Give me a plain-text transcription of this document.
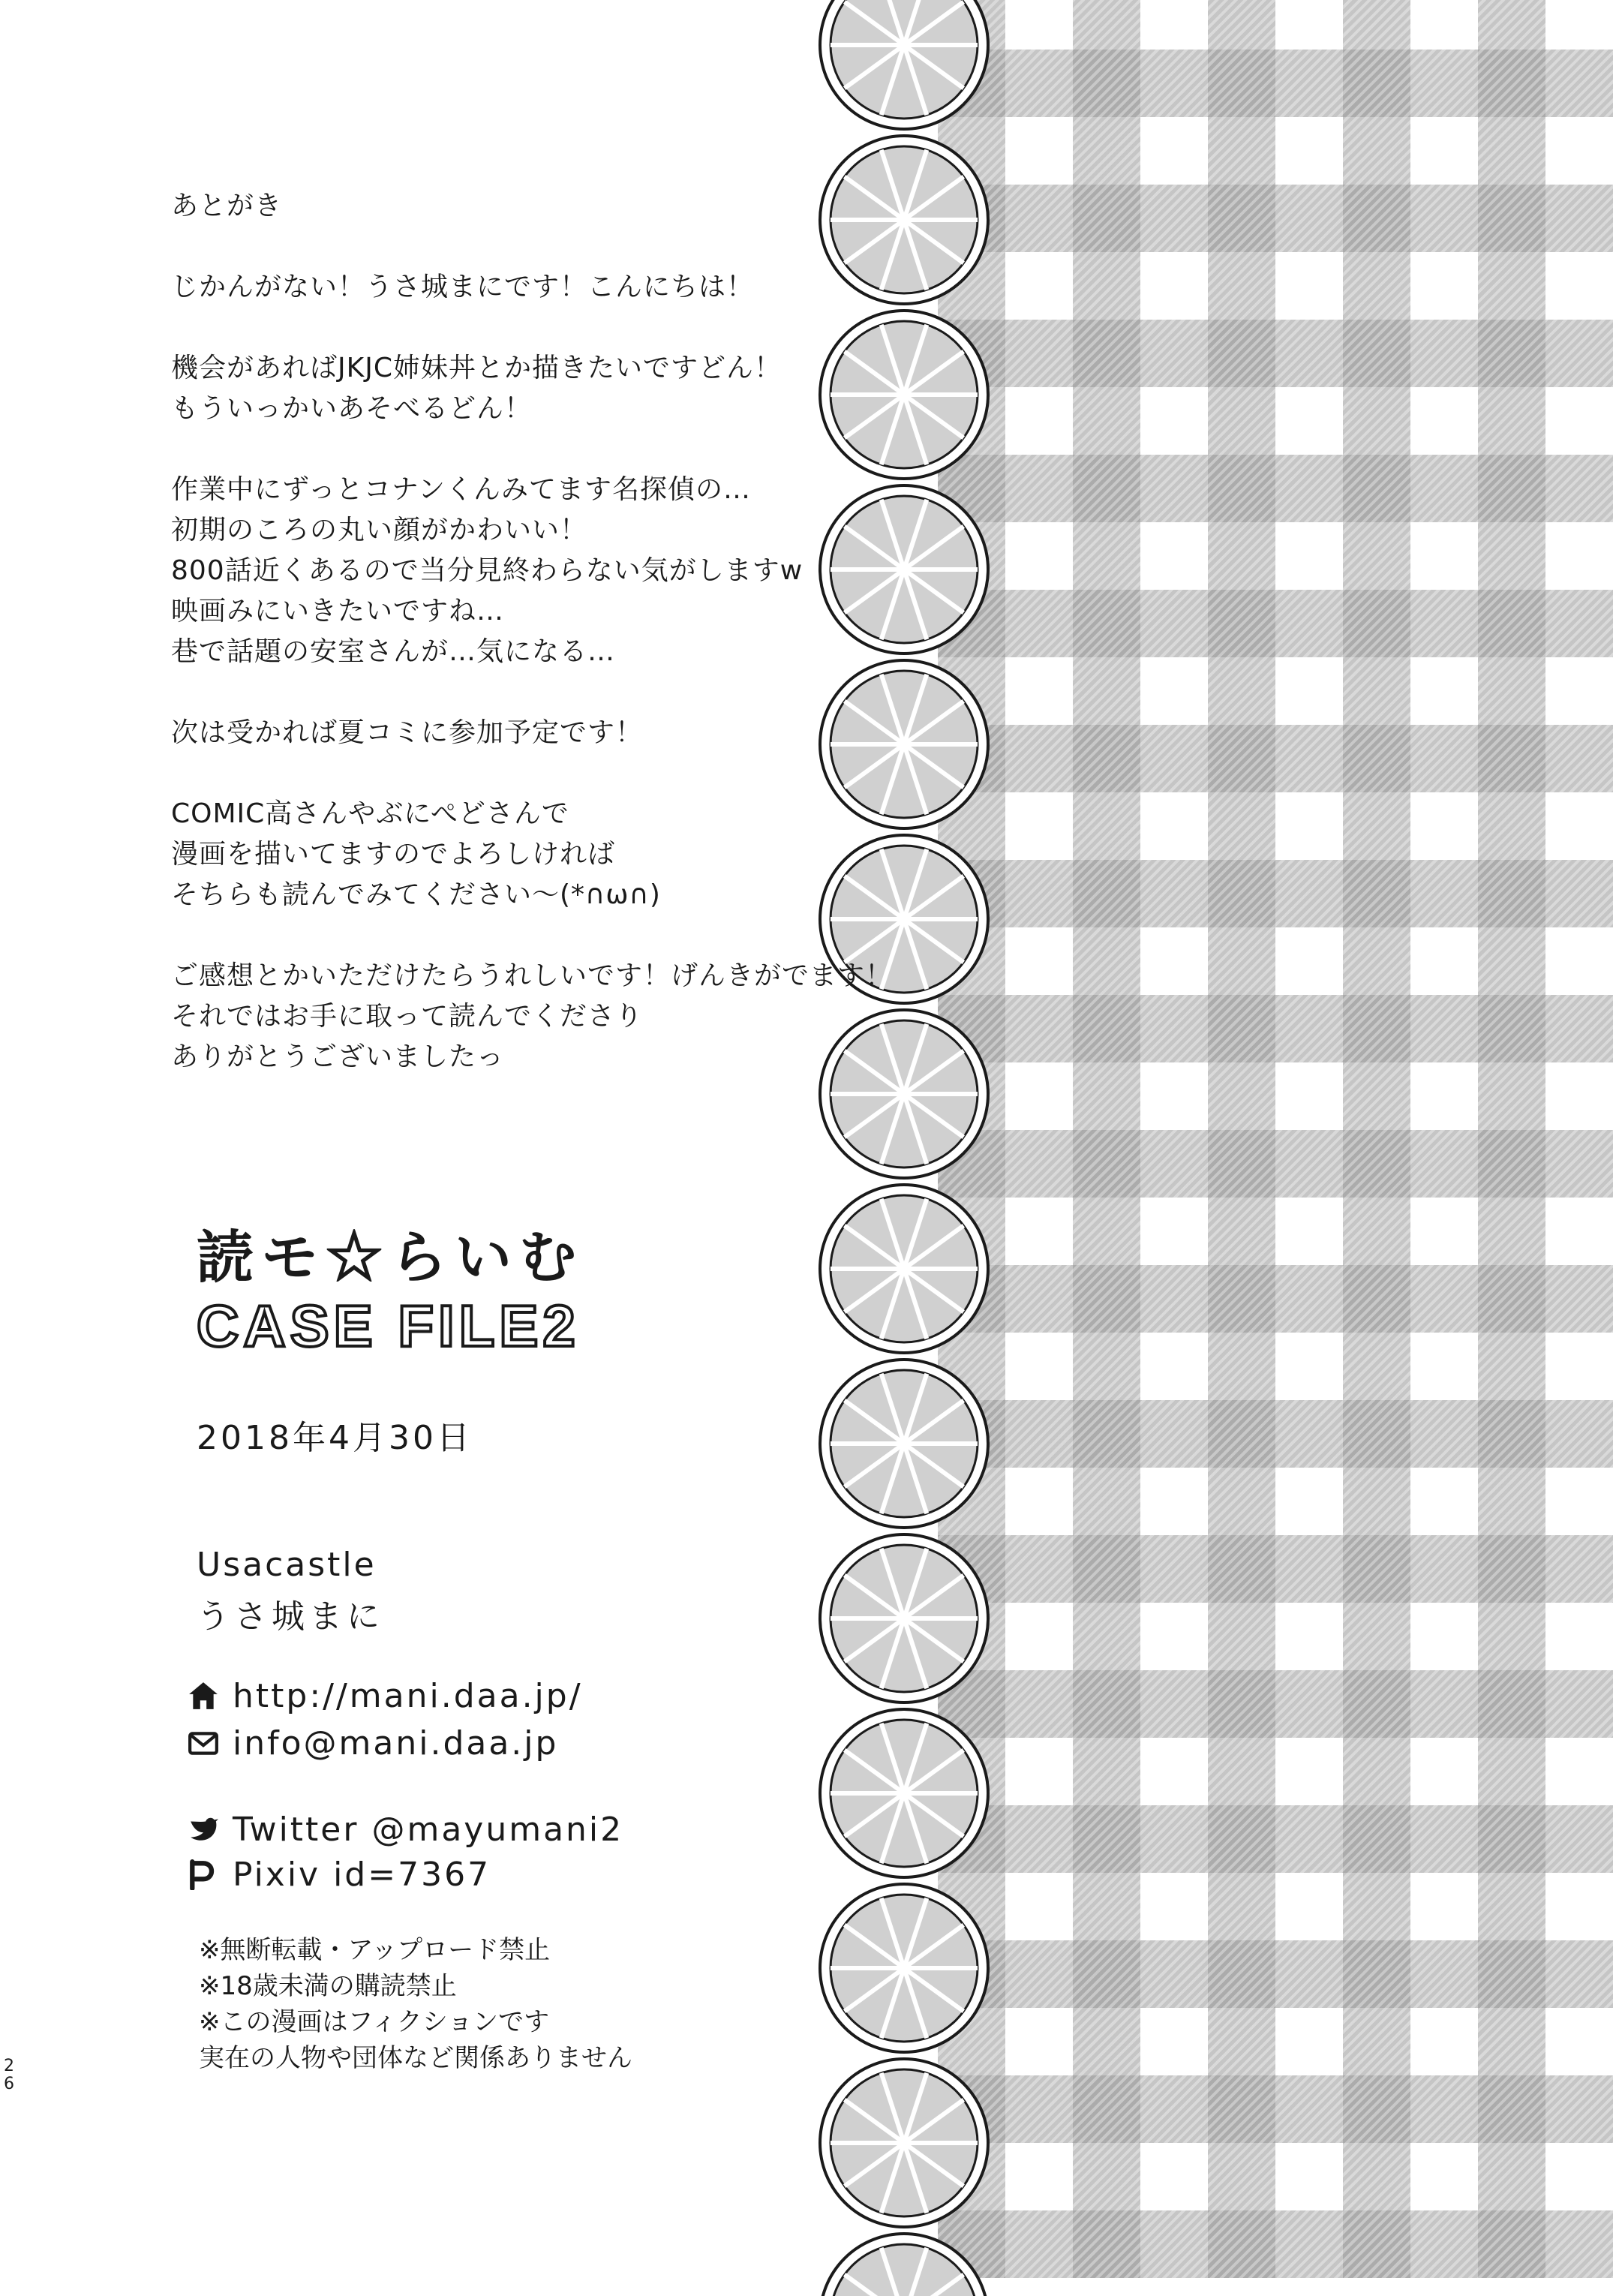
あとがき
じかんがない！うさ城まにです！こんにちは！
機会があればJKJC姉妹丼とか描きたいですどん！
もういっかいあそべるどん！
作業中にずっとコナンくんみてます名探偵の…
初期のころの丸い顔がかわいい！
800話近くあるので当分見終わらない気がしますw
映画みにいきたいですね…
巷で話題の安室さんが…気になる…
次は受かれば夏コミに参加予定です！
COMIC高さんやぶにぺどさんで
漫画を描いてますのでよろしければ
そちらも読んでみてください～(*∩ω∩)
ご感想とかいただけたらうれしいです！げんきがでます！
それではお手に取って読んでくださり
ありがとうございましたっ
読モ☆らいむ
CASE FILE2
2018年4月30日
Usacastle
うさ城まに
http://mani.daa.jp/
info@mani.daa.jp
Twitter @mayumani2
Pixiv id=7367
※無断転載・アップロード禁止
※18歳未満の購読禁止
※この漫画はフィクションです
実在の人物や団体など関係ありません
2
6
